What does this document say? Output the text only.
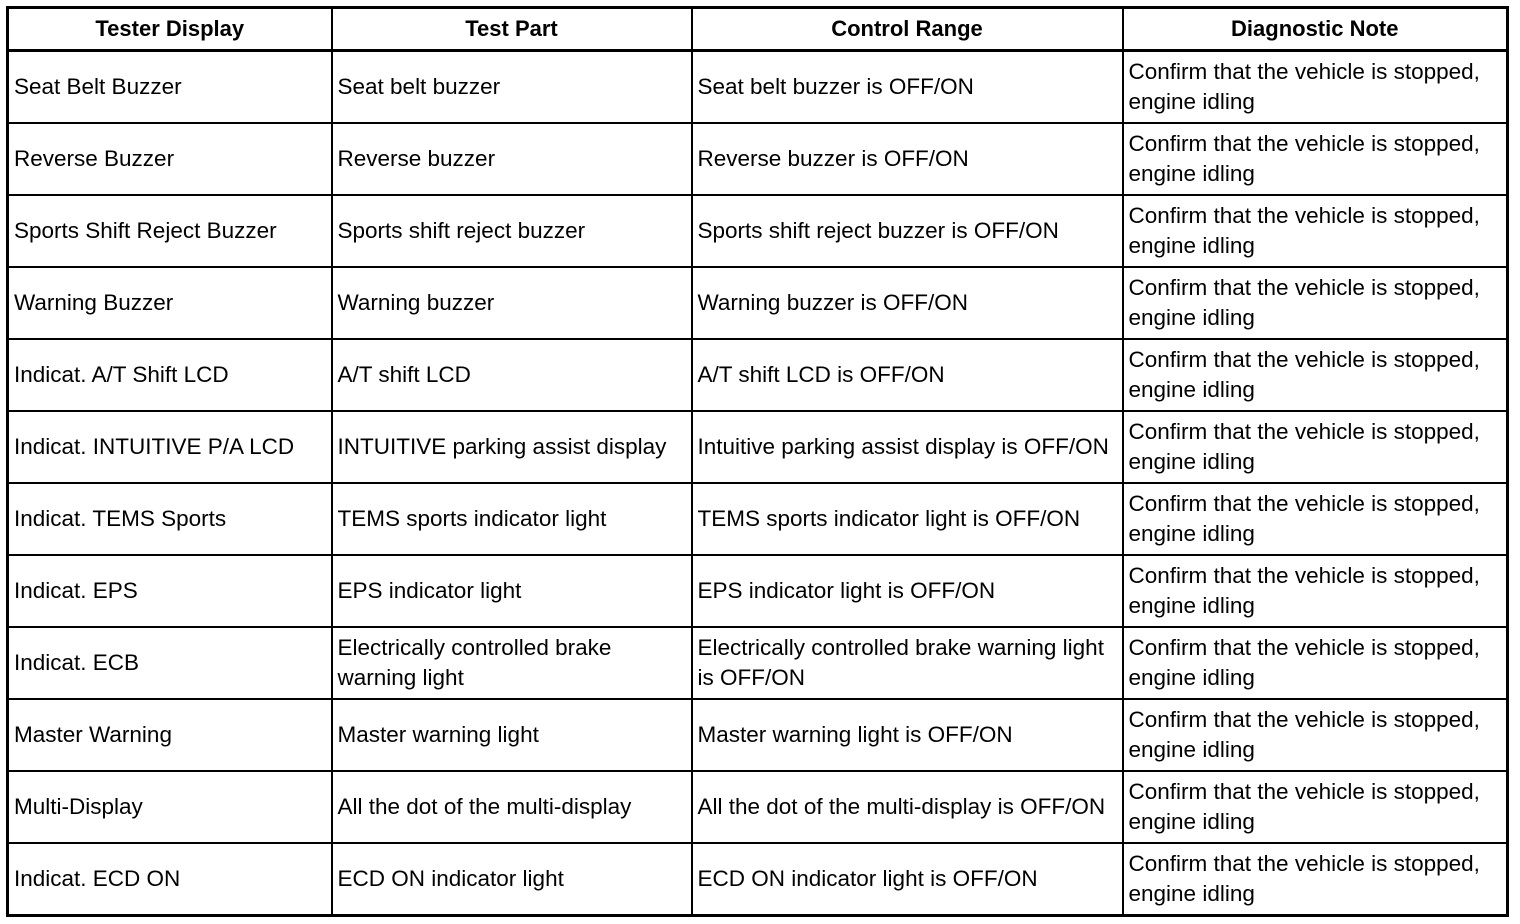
Tester Display	Test Part	Control Range	Diagnostic Note
Seat Belt Buzzer	Seat belt buzzer	Seat belt buzzer is OFF/ON	Confirm that the vehicle is stopped, engine idling
Reverse Buzzer	Reverse buzzer	Reverse buzzer is OFF/ON	Confirm that the vehicle is stopped, engine idling
Sports Shift Reject Buzzer	Sports shift reject buzzer	Sports shift reject buzzer is OFF/ON	Confirm that the vehicle is stopped, engine idling
Warning Buzzer	Warning buzzer	Warning buzzer is OFF/ON	Confirm that the vehicle is stopped, engine idling
Indicat. A/T Shift LCD	A/T shift LCD	A/T shift LCD is OFF/ON	Confirm that the vehicle is stopped, engine idling
Indicat. INTUITIVE P/A LCD	INTUITIVE parking assist display	Intuitive parking assist display is OFF/ON	Confirm that the vehicle is stopped, engine idling
Indicat. TEMS Sports	TEMS sports indicator light	TEMS sports indicator light is OFF/ON	Confirm that the vehicle is stopped, engine idling
Indicat. EPS	EPS indicator light	EPS indicator light is OFF/ON	Confirm that the vehicle is stopped, engine idling
Indicat. ECB	Electrically controlled brake warning light	Electrically controlled brake warning light is OFF/ON	Confirm that the vehicle is stopped, engine idling
Master Warning	Master warning light	Master warning light is OFF/ON	Confirm that the vehicle is stopped, engine idling
Multi-Display	All the dot of the multi-display	All the dot of the multi-display is OFF/ON	Confirm that the vehicle is stopped, engine idling
Indicat. ECD ON	ECD ON indicator light	ECD ON indicator light is OFF/ON	Confirm that the vehicle is stopped, engine idling
